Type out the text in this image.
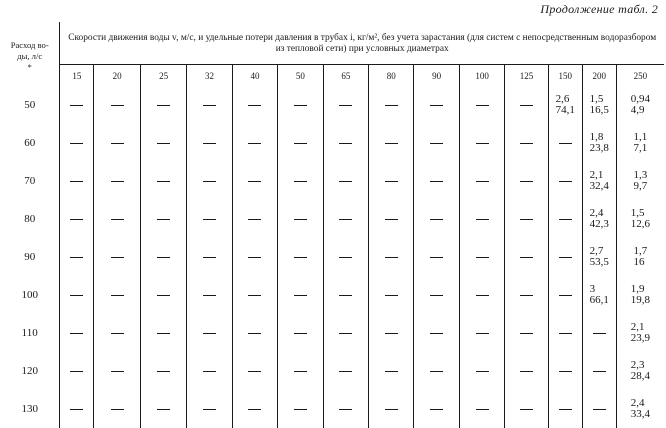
Продолжение табл. 2
Расход во-
ды, л/с
*	Скорости движения воды v, м/с, и удельные потери давления в трубах i, кг/м², без учета зарастания (для систем с непосредственным водоразбором из тепловой сети) при условных диаметрах													
	15	20	25	32	40	50	65	80	90	100	125	150	200	250
50												2,6
74,1	1,5
16,5	0,94
4,9

60													1,8
23,8	1,1
7,1

70													2,1
32,4	1,3
9,7

80													2,4
42,3	1,5
12,6

90													2,7
53,5	1,7
16

100													3
66,1	1,9
19,8

110														2,1
23,9

120														2,3
28,4

130														2,4
33,4
